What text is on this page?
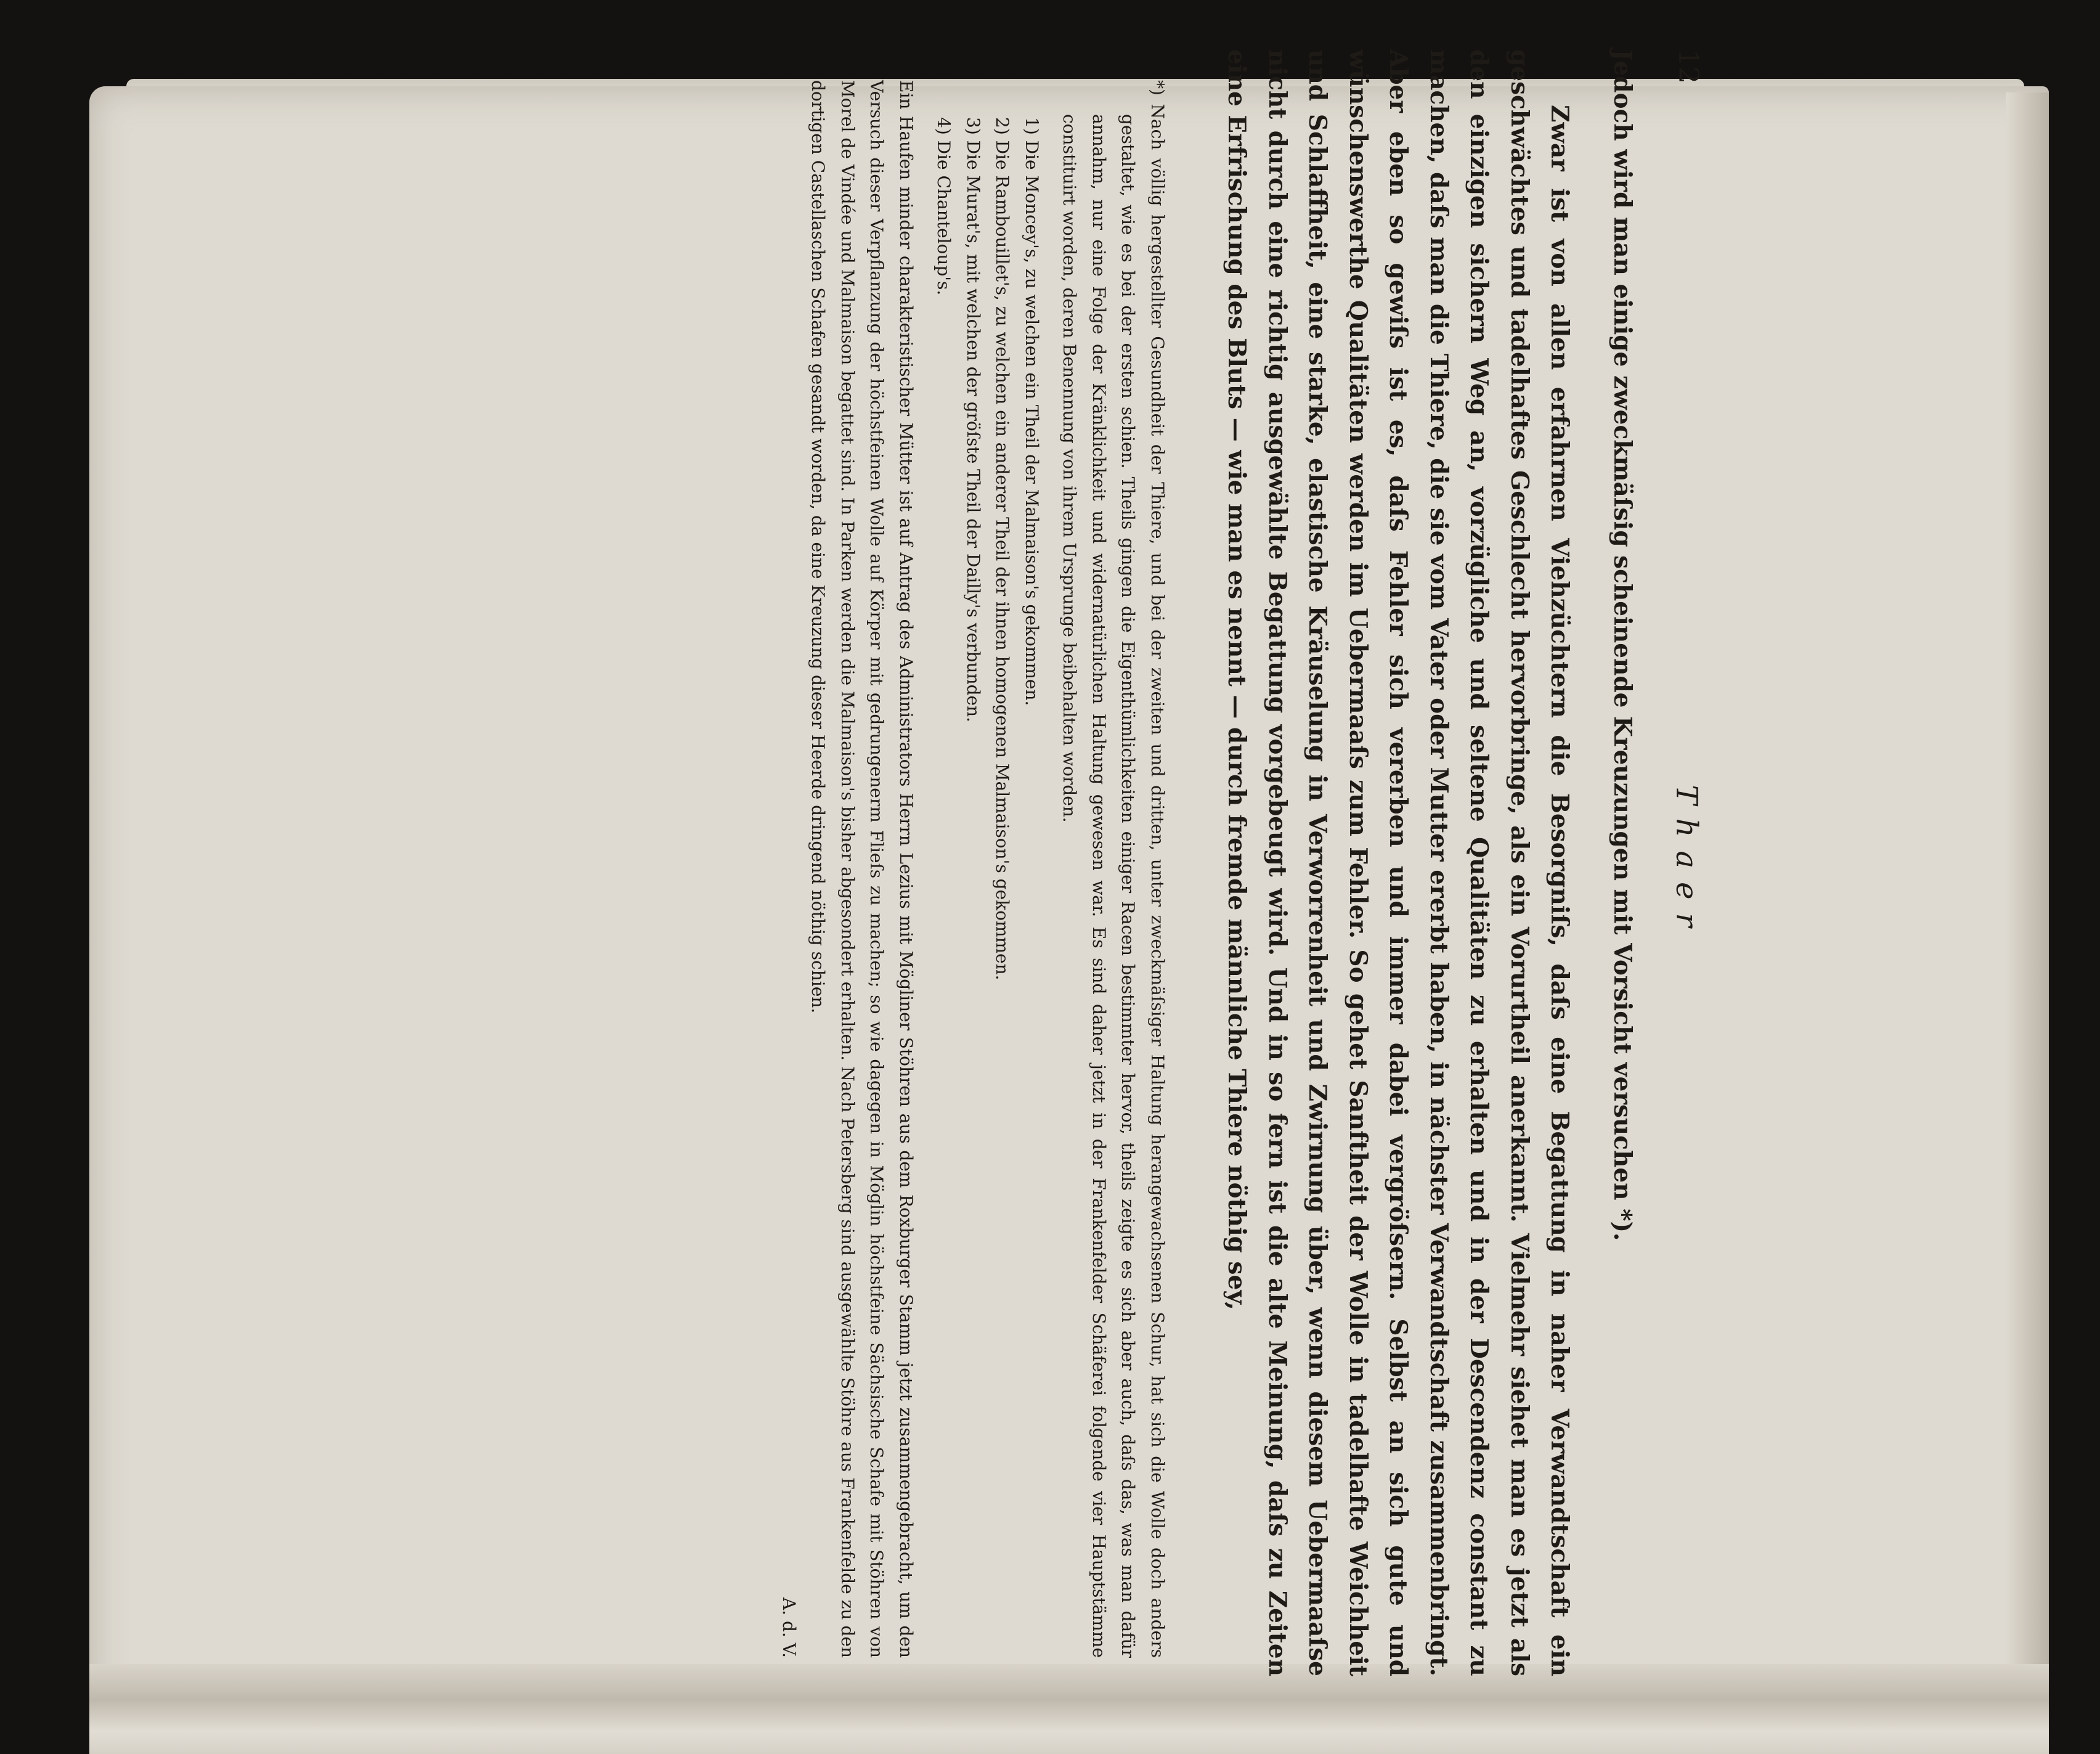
12
Thaer

Jedoch wird man einige zweckmäſsig scheinende Kreuzungen mit Vorsicht versuchen *).

Zwar ist von allen erfahrnen Viehzüchtern die Besorgniſs, daſs eine Begattung in naher Verwandtschaft ein geschwächtes und tadelhaftes Geschlecht hervorbringe, als ein Vorurtheil anerkannt. Vielmehr siehet man es jetzt als den einzigen sichern Weg an, vorzügliche und seltene Qualitäten zu erhalten und in der Descendenz constant zu machen, daſs man die Thiere, die sie vom Vater oder Mutter ererbt haben, in nächster Verwandtschaft zusammenbringt. Aber eben so gewiſs ist es, daſs Fehler sich vererben und immer dabei vergröſsern. Selbst an sich gute und wünschenswerthe Qualitäten werden im Uebermaaſs zum Fehler. So gehet Sanftheit der Wolle in tadelhafte Weichheit und Schlaffheit, eine starke, elastische Kräuselung in Verworrenheit und Zwirnung über, wenn diesem Uebermaaſse nicht durch eine richtig ausgewählte Begattung vorgebeugt wird. Und in so fern ist die alte Meinung, daſs zu Zeiten eine Erfrischung des Bluts — wie man es nennt — durch fremde männliche Thiere nöthig sey,

*) Nach völlig hergestellter Gesundheit der Thiere, und bei der zweiten und dritten, unter zweckmäſsiger Haltung herangewachsenen Schur, hat sich die Wolle doch anders gestaltet, wie es bei der ersten schien. Theils gingen die Eigenthümlichkeiten einiger Racen bestimmter hervor, theils zeigte es sich aber auch, daſs das, was man dafür annahm, nur eine Folge der Kränklichkeit und widernatürlichen Haltung gewesen war. Es sind daher jetzt in der Frankenfelder Schäferei folgende vier Hauptstämme constituirt worden, deren Benennung von ihrem Ursprunge beibehalten worden.

1) Die Moncey's, zu welchen ein Theil der Malmaison's gekommen.

2) Die Rambouillet's, zu welchen ein anderer Theil der ihnen homogenen Malmaison's gekommen.

3) Die Murat's, mit welchen der gröſste Theil der Dailly's verbunden.

4) Die Chanteloup's.

Ein Haufen minder charakteristischer Mütter ist auf Antrag des Administrators Herrn Lezius mit Mögliner Stöhren aus dem Roxburger Stamm jetzt zusammengebracht, um den Versuch dieser Verpflanzung der höchstfeinen Wolle auf Körper mit gedrungenerm Flieſs zu machen; so wie dagegen in Möglin höchstfeine Sächsische Schafe mit Stöhren von Morel de Vindée und Malmaison begattet sind. In Parken werden die Malmaison's bisher abgesondert erhalten. Nach Petersberg sind ausgewählte Stöhre aus Frankenfelde zu den dortigen Castellaschen Schafen gesandt worden, da eine Kreuzung dieser Heerde dringend nöthig schien.

A. d. V.
